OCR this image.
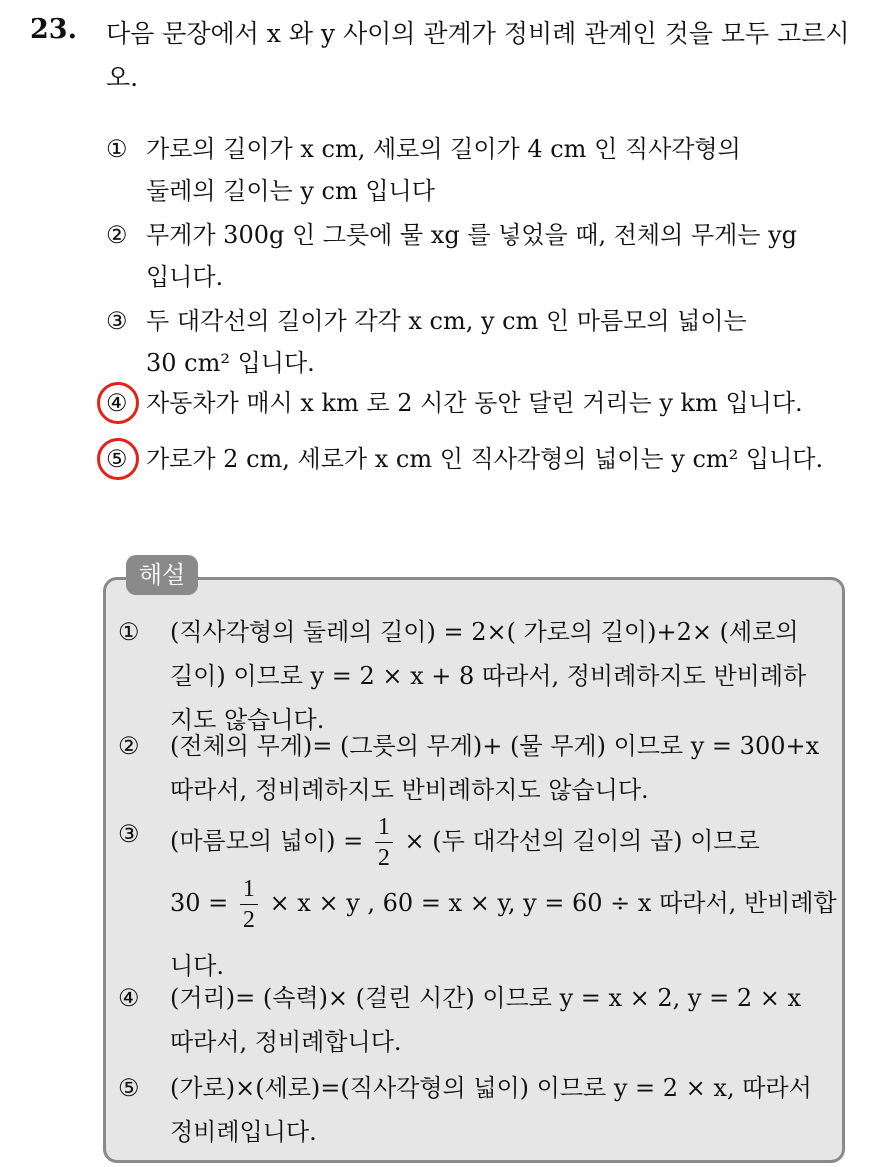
23. 다음 문장에서 x 와 y 사이의 관계가 정비례 관계인 것을 모두 고르시
오.
① 가로의 길이가 x cm, 세로의 길이가 4 cm 인 직사각형의
둘레의 길이는 y cm 입니다
② 무게가 300g 인 그릇에 물 xg 를 넣었을 때, 전체의 무게는 yg
입니다.
③ 두 대각선의 길이가 각각 x cm, y cm 인 마름모의 넓이는
30 cm² 입니다.
④ 자동차가 매시 x km 로 2 시간 동안 달린 거리는 y km 입니다.
⑤ 가로가 2 cm, 세로가 x cm 인 직사각형의 넓이는 y cm² 입니다.
해설
① (직사각형의 둘레의 길이) = 2×( 가로의 길이)+2× (세로의
길이) 이므로 y = 2 × x + 8 따라서, 정비례하지도 반비례하
지도 않습니다.
② (전체의 무게)= (그릇의 무게)+ (물 무게) 이므로 y = 300+x
따라서, 정비례하지도 반비례하지도 않습니다.
③ (마름모의 넓이) = $\frac{1}{2}$ × (두 대각선의 길이의 곱) 이므로
$30 = \frac{1}{2} \times x \times y$ , 60 = x × y, y = 60 ÷ x 따라서, 반비례합
니다.
④ (거리)= (속력)× (걸린 시간) 이므로 y = x × 2, y = 2 × x
따라서, 정비례합니다.
⑤ (가로)×(세로)=(직사각형의 넓이) 이므로 y = 2 × x, 따라서
정비례입니다.
